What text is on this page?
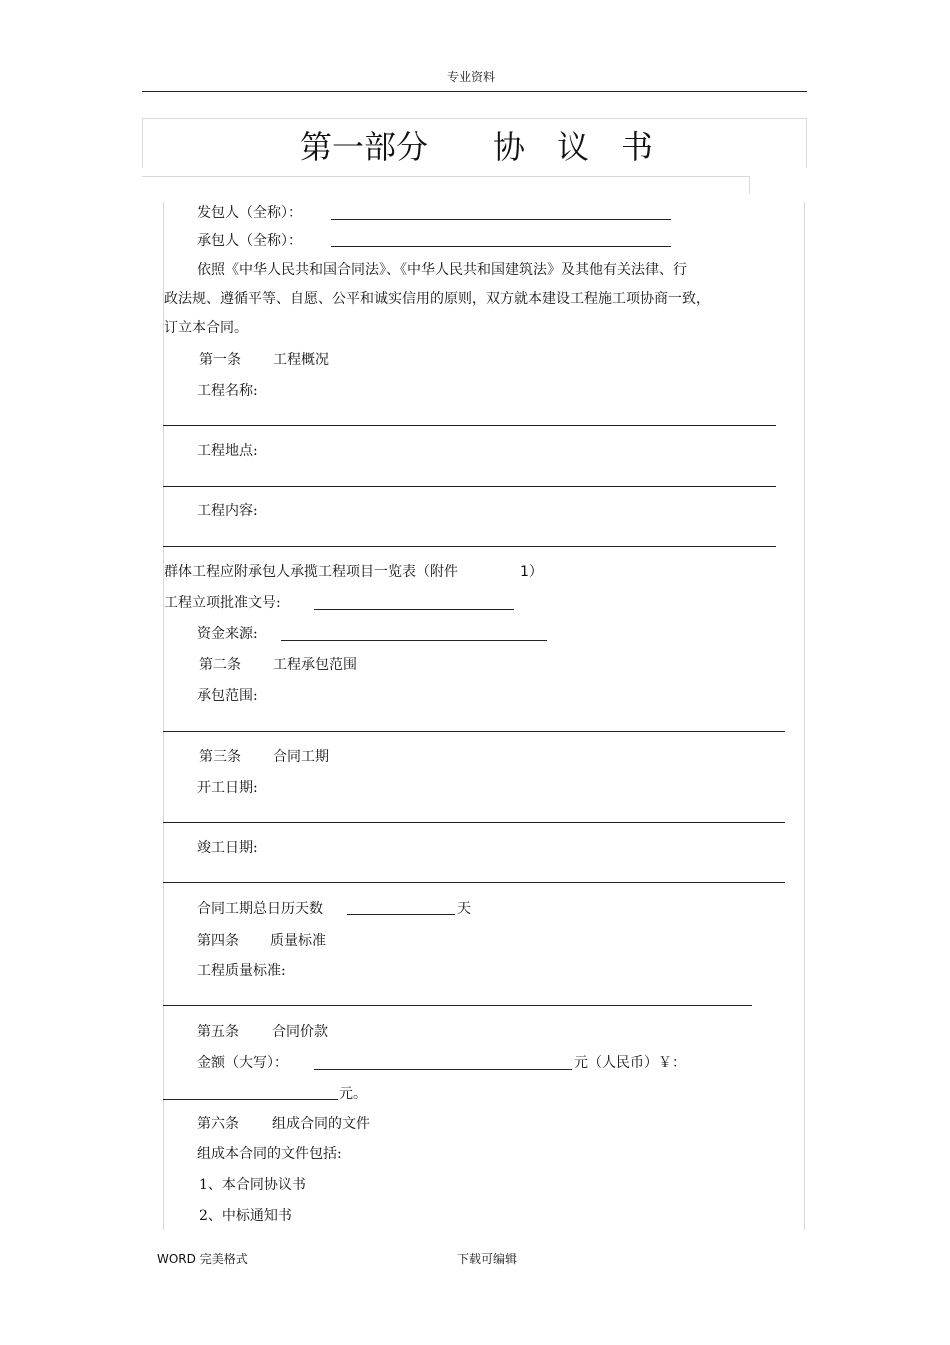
专业资料
第一部分 协　议　书
发包人（全称）：
承包人（全称）：
依照《中华人民共和国合同法》、《中华人民共和国建筑法》及其他有关法律、行
政法规、遵循平等、自愿、公平和诚实信用的原则，双方就本建设工程施工项协商一致，
订立本合同。
第一条 工程概况
工程名称:
工程地点:
工程内容:
群体工程应附承包人承揽工程项目一览表（附件	1）
工程立项批准文号:
资金来源:
第二条 工程承包范围
承包范围:
第三条 合同工期
开工日期:
竣工日期:
合同工期总日历天数	天
第四条 质量标准
工程质量标准:
第五条 合同价款
金额（大写）：	元（人民币）￥：
元。
第六条 组成合同的文件
组成本合同的文件包括:
1、本合同协议书
2、中标通知书
WORD 完美格式	下载可编辑
